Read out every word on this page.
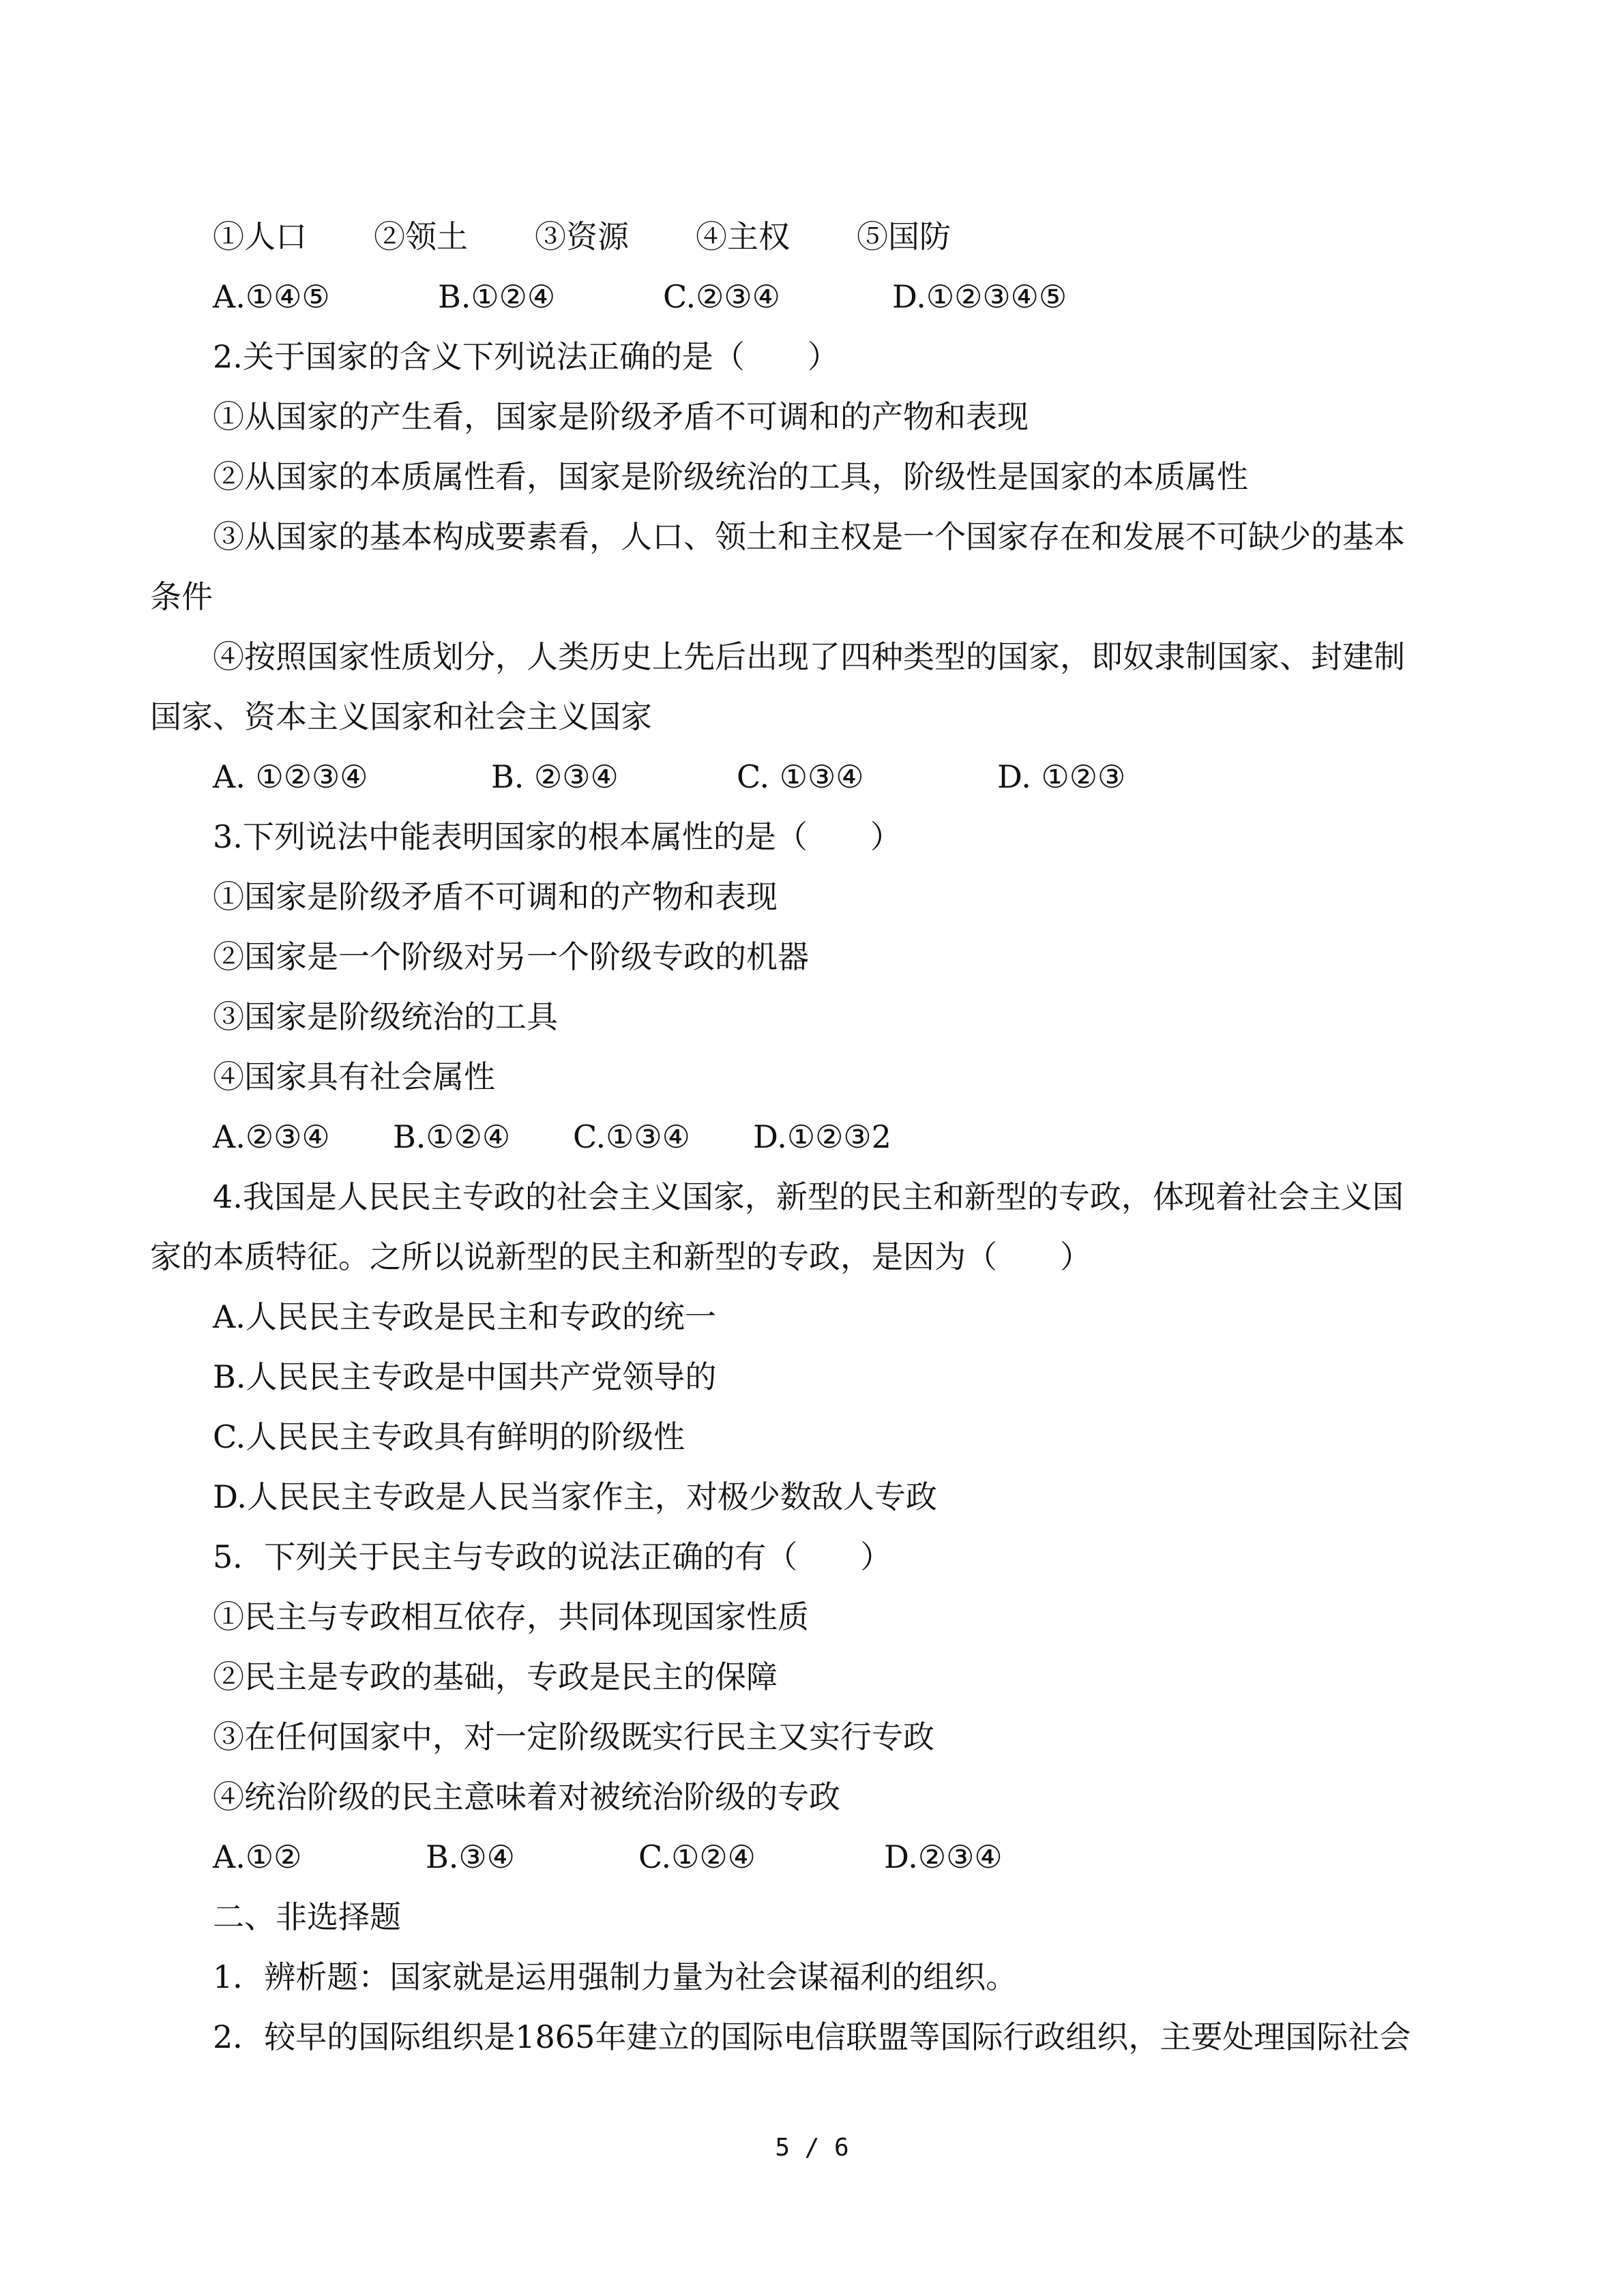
①人口 ②领土 ③资源 ④主权 ⑤国防
A.①④⑤	B.①②④	C.②③④	D.①②③④⑤
2.关于国家的含义下列说法正确的是（　　）
①从国家的产生看，国家是阶级矛盾不可调和的产物和表现
②从国家的本质属性看，国家是阶级统治的工具，阶级性是国家的本质属性
③从国家的基本构成要素看，人口、领土和主权是一个国家存在和发展不可缺少的基本
条件
④按照国家性质划分，人类历史上先后出现了四种类型的国家，即奴隶制国家、封建制
国家、资本主义国家和社会主义国家
A. ①②③④	B. ②③④	C. ①③④	D. ①②③
3.下列说法中能表明国家的根本属性的是（　　）
①国家是阶级矛盾不可调和的产物和表现
②国家是一个阶级对另一个阶级专政的机器
③国家是阶级统治的工具
④国家具有社会属性
A.②③④ B.①②④ C.①③④ D.①②③2
4.我国是人民民主专政的社会主义国家，新型的民主和新型的专政，体现着社会主义国
家的本质特征。之所以说新型的民主和新型的专政，是因为（　　）
A.人民民主专政是民主和专政的统一
B.人民民主专政是中国共产党领导的
C.人民民主专政具有鲜明的阶级性
D.人民民主专政是人民当家作主，对极少数敌人专政
5．下列关于民主与专政的说法正确的有（　　）
①民主与专政相互依存，共同体现国家性质
②民主是专政的基础，专政是民主的保障
③在任何国家中，对一定阶级既实行民主又实行专政
④统治阶级的民主意味着对被统治阶级的专政
A.①②	B.③④	C.①②④	D.②③④
二、非选择题
1．辨析题：国家就是运用强制力量为社会谋福利的组织。
2．较早的国际组织是1865年建立的国际电信联盟等国际行政组织，主要处理国际社会
5 / 6
